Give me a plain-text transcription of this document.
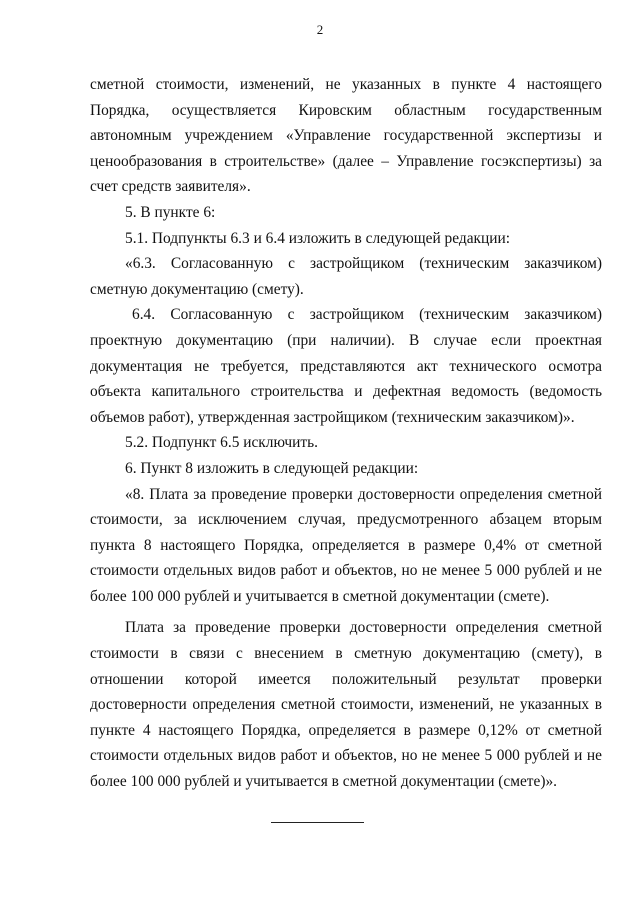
2

сметной стоимости, изменений, не указанных в пункте 4 настоящего Порядка, осуществляется Кировским областным государственным автономным учреждением «Управление государственной экспертизы и ценообразования в строительстве» (далее – Управление госэкспертизы) за счет средств заявителя».

5. В пункте 6:

5.1. Подпункты 6.3 и 6.4 изложить в следующей редакции:

«6.3. Согласованную с застройщиком (техническим заказчиком) сметную документацию (смету).

6.4. Согласованную с застройщиком (техническим заказчиком) проектную документацию (при наличии). В случае если проектная документация не требуется, представляются акт технического осмотра объекта капитального строительства и дефектная ведомость (ведомость объемов работ), утвержденная застройщиком (техническим заказчиком)».

5.2. Подпункт 6.5 исключить.

6. Пункт 8 изложить в следующей редакции:

«8. Плата за проведение проверки достоверности определения сметной стоимости, за исключением случая, предусмотренного абзацем вторым пункта 8 настоящего Порядка, определяется в размере 0,4% от сметной стоимости отдельных видов работ и объектов, но не менее 5 000 рублей и не более 100 000 рублей и учитывается в сметной документации (смете).

Плата за проведение проверки достоверности определения сметной стоимости в связи с внесением в сметную документацию (смету), в отношении которой имеется положительный результат проверки достоверности определения сметной стоимости, изменений, не указанных в пункте 4 настоящего Порядка, определяется в размере 0,12% от сметной стоимости отдельных видов работ и объектов, но не менее 5 000 рублей и не более 100 000 рублей и учитывается в сметной документации (смете)».
